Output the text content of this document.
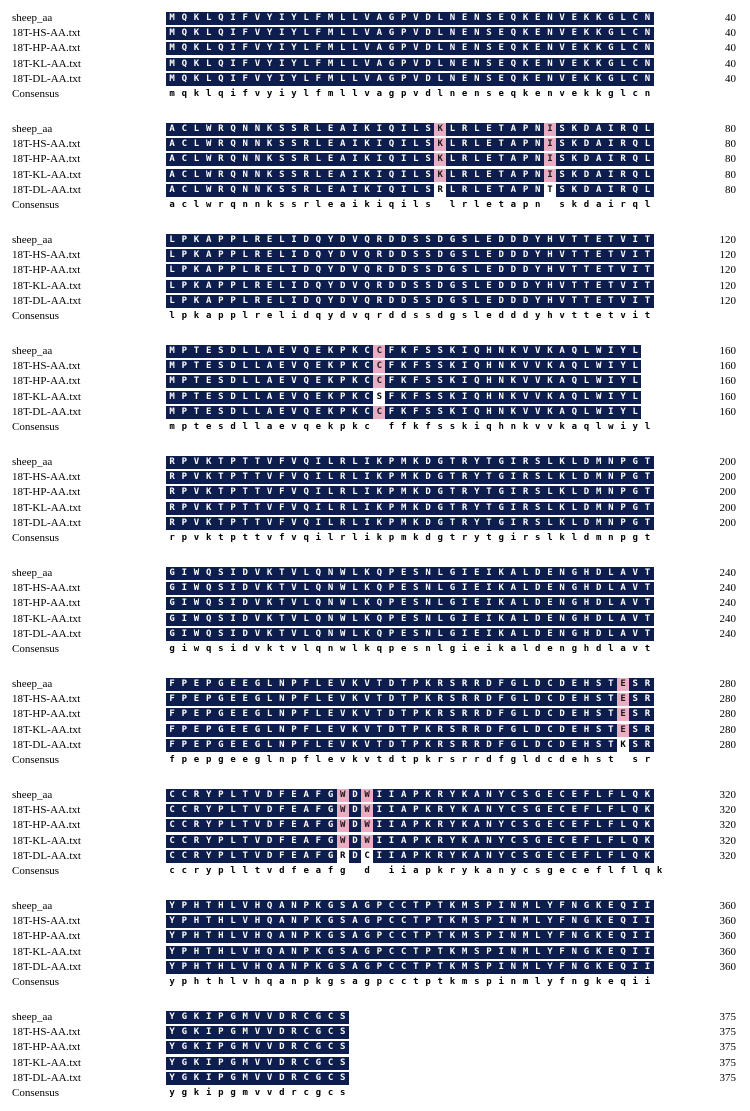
sheep_aa	M Q K L Q I F V Y I Y L F M L L V A G P V D L N E N S E Q K E N V E K K G L C N	40
18T-HS-AA.txt	M Q K L Q I F V Y I Y L F M L L V A G P V D L N E N S E Q K E N V E K K G L C N	40
18T-HP-AA.txt	M Q K L Q I F V Y I Y L F M L L V A G P V D L N E N S E Q K E N V E K K G L C N	40
18T-KL-AA.txt	M Q K L Q I F V Y I Y L F M L L V A G P V D L N E N S E Q K E N V E K K G L C N	40
18T-DL-AA.txt	M Q K L Q I F V Y I Y L F M L L V A G P V D L N E N S E Q K E N V E K K G L C N	40
Consensus	m q k l q i f v y i y l f m l l v a g p v d l n e n s e q k e n v e k k g l c n
sheep_aa	A C L W R Q N N K S S R L E A I K I Q I L S K L R L E T A P N I S K D A I R Q L	80
18T-HS-AA.txt	A C L W R Q N N K S S R L E A I K I Q I L S K L R L E T A P N I S K D A I R Q L	80
18T-HP-AA.txt	A C L W R Q N N K S S R L E A I K I Q I L S K L R L E T A P N I S K D A I R Q L	80
18T-KL-AA.txt	A C L W R Q N N K S S R L E A I K I Q I L S K L R L E T A P N I S K D A I R Q L	80
18T-DL-AA.txt	A C L W R Q N N K S S R L E A I K I Q I L S R L R L E T A P N T S K D A I R Q L	80
Consensus	a c l w r q n n k s s r l e a i k i q i l s l r l e t a p n s k d a i r q l
sheep_aa	L P K A P P L R E L I D Q Y D V Q R D D S S D G S L E D D D Y H V T T E T V I T	120
18T-HS-AA.txt	L P K A P P L R E L I D Q Y D V Q R D D S S D G S L E D D D Y H V T T E T V I T	120
18T-HP-AA.txt	L P K A P P L R E L I D Q Y D V Q R D D S S D G S L E D D D Y H V T T E T V I T	120
18T-KL-AA.txt	L P K A P P L R E L I D Q Y D V Q R D D S S D G S L E D D D Y H V T T E T V I T	120
18T-DL-AA.txt	L P K A P P L R E L I D Q Y D V Q R D D S S D G S L E D D D Y H V T T E T V I T	120
Consensus	l p k a p p l r e l i d q y d v q r d d s s d g s l e d d d y h v t t e t v i t
sheep_aa	M P T E S D L L A E V Q E K P K C C F K F S S K I Q H N K V V K A Q L W I Y L	160
18T-HS-AA.txt	M P T E S D L L A E V Q E K P K C C F K F S S K I Q H N K V V K A Q L W I Y L	160
18T-HP-AA.txt	M P T E S D L L A E V Q E K P K C C F K F S S K I Q H N K V V K A Q L W I Y L	160
18T-KL-AA.txt	M P T E S D L L A E V Q E K P K C S F K F S S K I Q H N K V V K A Q L W I Y L	160
18T-DL-AA.txt	M P T E S D L L A E V Q E K P K C C F K F S S K I Q H N K V V K A Q L W I Y L	160
Consensus	m p t e s d l l a e v q e k p k c f f k f s s k i q h n k v v k a q l w i y l
sheep_aa	R P V K T P T T V F V Q I L R L I K P M K D G T R Y T G I R S L K L D M N P G T	200
18T-HS-AA.txt	R P V K T P T T V F V Q I L R L I K P M K D G T R Y T G I R S L K L D M N P G T	200
18T-HP-AA.txt	R P V K T P T T V F V Q I L R L I K P M K D G T R Y T G I R S L K L D M N P G T	200
18T-KL-AA.txt	R P V K T P T T V F V Q I L R L I K P M K D G T R Y T G I R S L K L D M N P G T	200
18T-DL-AA.txt	R P V K T P T T V F V Q I L R L I K P M K D G T R Y T G I R S L K L D M N P G T	200
Consensus	r p v k t p t t v f v q i l r l i k p m k d g t r y t g i r s l k l d m n p g t
sheep_aa	G I W Q S I D V K T V L Q N W L K Q P E S N L G I E I K A L D E N G H D L A V T	240
18T-HS-AA.txt	G I W Q S I D V K T V L Q N W L K Q P E S N L G I E I K A L D E N G H D L A V T	240
18T-HP-AA.txt	G I W Q S I D V K T V L Q N W L K Q P E S N L G I E I K A L D E N G H D L A V T	240
18T-KL-AA.txt	G I W Q S I D V K T V L Q N W L K Q P E S N L G I E I K A L D E N G H D L A V T	240
18T-DL-AA.txt	G I W Q S I D V K T V L Q N W L K Q P E S N L G I E I K A L D E N G H D L A V T	240
Consensus	g i w q s i d v k t v l q n w l k q p e s n l g i e i k a l d e n g h d l a v t
sheep_aa	F P E P G E E G L N P F L E V K V T D T P K R S R R D F G L D C D E H S T E S R	280
18T-HS-AA.txt	F P E P G E E G L N P F L E V K V T D T P K R S R R D F G L D C D E H S T E S R	280
18T-HP-AA.txt	F P E P G E E G L N P F L E V K V T D T P K R S R R D F G L D C D E H S T E S R	280
18T-KL-AA.txt	F P E P G E E G L N P F L E V K V T D T P K R S R R D F G L D C D E H S T E S R	280
18T-DL-AA.txt	F P E P G E E G L N P F L E V K V T D T P K R S R R D F G L D C D E H S T K S R	280
Consensus	f p e p g e e g l n p f l e v k v t d t p k r s r r d f g l d c d e h s t s r
sheep_aa	C C R Y P L T V D F E A F G W D W I I A P K R Y K A N Y C S G E C E F L F L Q K	320
18T-HS-AA.txt	C C R Y P L T V D F E A F G W D W I I A P K R Y K A N Y C S G E C E F L F L Q K	320
18T-HP-AA.txt	C C R Y P L T V D F E A F G W D W I I A P K R Y K A N Y C S G E C E F L F L Q K	320
18T-KL-AA.txt	C C R Y P L T V D F E A F G W D W I I A P K R Y K A N Y C S G E C E F L F L Q K	320
18T-DL-AA.txt	C C R Y P L T V D F E A F G R D C I I A P K R Y K A N Y C S G E C E F L F L Q K	320
Consensus	c c r y p l l t v d f e a f g d i i a p k r y k a n y c s g e c e f l f l q k
sheep_aa	Y P H T H L V H Q A N P K G S A G P C C T P T K M S P I N M L Y F N G K E Q I I	360
18T-HS-AA.txt	Y P H T H L V H Q A N P K G S A G P C C T P T K M S P I N M L Y F N G K E Q I I	360
18T-HP-AA.txt	Y P H T H L V H Q A N P K G S A G P C C T P T K M S P I N M L Y F N G K E Q I I	360
18T-KL-AA.txt	Y P H T H L V H Q A N P K G S A G P C C T P T K M S P I N M L Y F N G K E Q I I	360
18T-DL-AA.txt	Y P H T H L V H Q A N P K G S A G P C C T P T K M S P I N M L Y F N G K E Q I I	360
Consensus	y p h t h l v h q a n p k g s a g p c c t p t k m s p i n m l y f n g k e q i i
sheep_aa	Y G K I P G M V V D R C G C S	375
18T-HS-AA.txt	Y G K I P G M V V D R C G C S	375
18T-HP-AA.txt	Y G K I P G M V V D R C G C S	375
18T-KL-AA.txt	Y G K I P G M V V D R C G C S	375
18T-DL-AA.txt	Y G K I P G M V V D R C G C S	375
Consensus	y g k i p g m v v d r c g c s
